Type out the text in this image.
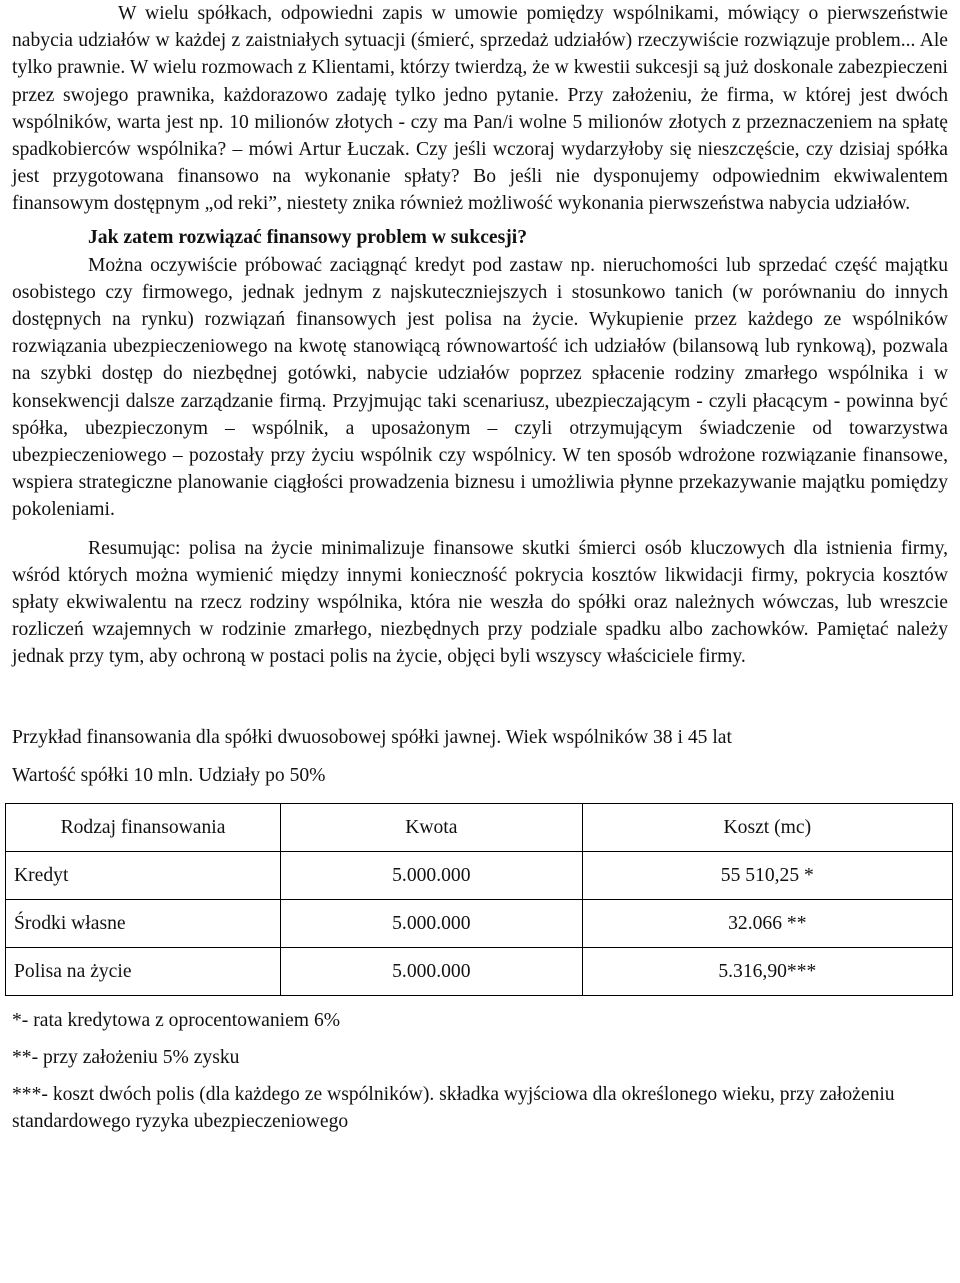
W wielu spółkach, odpowiedni zapis w umowie pomiędzy wspólnikami, mówiący o pierwszeństwie nabycia udziałów w każdej z zaistniałych sytuacji (śmierć, sprzedaż udziałów) rzeczywiście rozwiązuje problem... Ale tylko prawnie. W wielu rozmowach z Klientami, którzy twierdzą, że w kwestii sukcesji są już doskonale zabezpieczeni przez swojego prawnika, każdorazowo zadaję tylko jedno pytanie. Przy założeniu, że firma, w której jest dwóch wspólników, warta jest np. 10 milionów złotych - czy ma Pan/i wolne 5 milionów złotych z przeznaczeniem na spłatę spadkobierców wspólnika? – mówi Artur Łuczak. Czy jeśli wczoraj wydarzyłoby się nieszczęście, czy dzisiaj spółka jest przygotowana finansowo na wykonanie spłaty? Bo jeśli nie dysponujemy odpowiednim ekwiwalentem finansowym dostępnym „od reki”, niestety znika również możliwość wykonania pierwszeństwa nabycia udziałów.

Jak zatem rozwiązać finansowy problem w sukcesji?

Można oczywiście próbować zaciągnąć kredyt pod zastaw np. nieruchomości lub sprzedać część majątku osobistego czy firmowego, jednak jednym z najskuteczniejszych i stosunkowo tanich (w porównaniu do innych dostępnych na rynku) rozwiązań finansowych jest polisa na życie. Wykupienie przez każdego ze wspólników rozwiązania ubezpieczeniowego na kwotę stanowiącą równowartość ich udziałów (bilansową lub rynkową), pozwala na szybki dostęp do niezbędnej gotówki, nabycie udziałów poprzez spłacenie rodziny zmarłego wspólnika i w konsekwencji dalsze zarządzanie firmą. Przyjmując taki scenariusz, ubezpieczającym - czyli płacącym - powinna być spółka, ubezpieczonym – wspólnik, a uposażonym – czyli otrzymującym świadczenie od towarzystwa ubezpieczeniowego – pozostały przy życiu wspólnik czy wspólnicy. W ten sposób wdrożone rozwiązanie finansowe, wspiera strategiczne planowanie ciągłości prowadzenia biznesu i umożliwia płynne przekazywanie majątku pomiędzy pokoleniami.

Resumując: polisa na życie minimalizuje finansowe skutki śmierci osób kluczowych dla istnienia firmy, wśród których można wymienić między innymi konieczność pokrycia kosztów likwidacji firmy, pokrycia kosztów spłaty ekwiwalentu na rzecz rodziny wspólnika, która nie weszła do spółki oraz należnych wówczas, lub wreszcie rozliczeń wzajemnych w rodzinie zmarłego, niezbędnych przy podziale spadku albo zachowków. Pamiętać należy jednak przy tym, aby ochroną w postaci polis na życie, objęci byli wszyscy właściciele firmy.

Przykład finansowania dla spółki dwuosobowej spółki jawnej. Wiek wspólników 38 i 45 lat

Wartość spółki 10 mln. Udziały po 50%

Rodzaj finansowania	Kwota	Koszt (mc)
Kredyt	5.000.000	55 510,25 *
Środki własne	5.000.000	32.066 **
Polisa na życie	5.000.000	5.316,90***

*- rata kredytowa z oprocentowaniem 6%

**- przy założeniu 5% zysku

***- koszt dwóch polis (dla każdego ze wspólników). składka wyjściowa dla określonego wieku, przy założeniu standardowego ryzyka ubezpieczeniowego
